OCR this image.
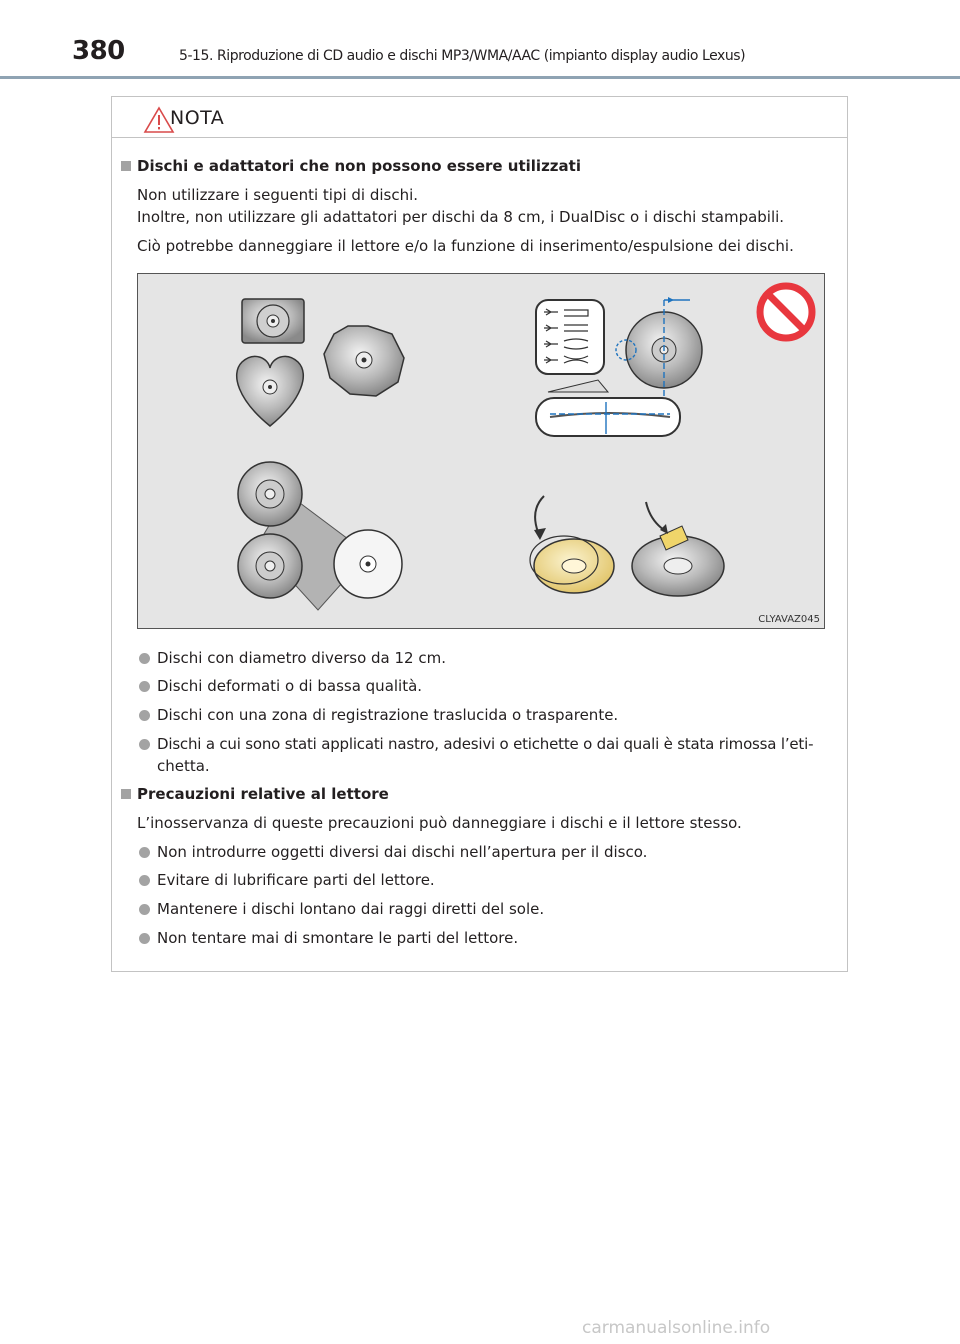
380	5-15. Riproduzione di CD audio e dischi MP3/WMA/AAC (impianto display audio Lexus)
NOTA
Dischi e adattatori che non possono essere utilizzati
Non utilizzare i seguenti tipi di dischi.
Inoltre, non utilizzare gli adattatori per dischi da 8 cm, i DualDisc o i dischi stampabili.
Ciò potrebbe danneggiare il lettore e/o la funzione di inserimento/espulsione dei dischi.
CLYAVAZ045
Dischi con diametro diverso da 12 cm.
Dischi deformati o di bassa qualità.
Dischi con una zona di registrazione traslucida o trasparente.
Dischi a cui sono stati applicati nastro, adesivi o etichette o dai quali è stata rimossa l’eti-
chetta.
Precauzioni relative al lettore
L’inosservanza di queste precauzioni può danneggiare i dischi e il lettore stesso.
Non introdurre oggetti diversi dai dischi nell’apertura per il disco.
Evitare di lubrificare parti del lettore.
Mantenere i dischi lontano dai raggi diretti del sole.
Non tentare mai di smontare le parti del lettore.
carmanualsonline.info
